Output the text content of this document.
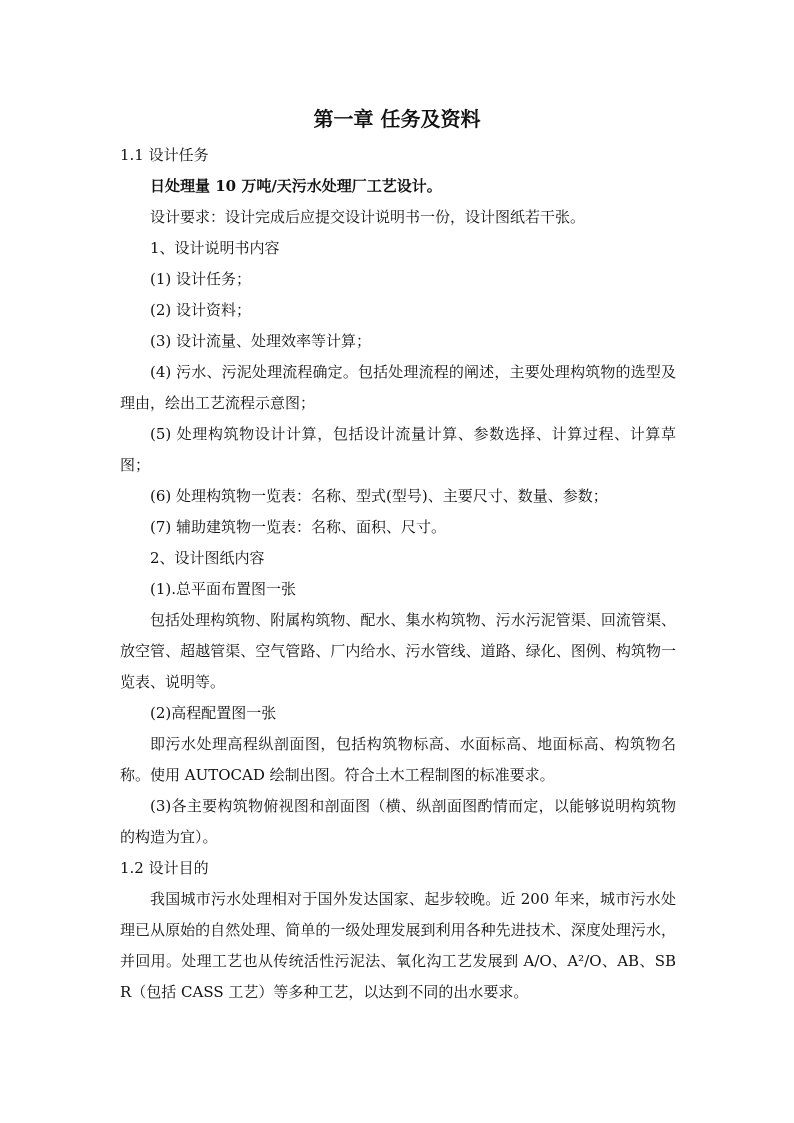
第一章 任务及资料

1.1 设计任务

日处理量 10 万吨/天污水处理厂工艺设计。

设计要求：设计完成后应提交设计说明书一份，设计图纸若干张。

1、设计说明书内容

(1) 设计任务；

(2) 设计资料；

(3) 设计流量、处理效率等计算；

(4) 污水、污泥处理流程确定。包括处理流程的阐述，主要处理构筑物的选型及理由，绘出工艺流程示意图；

(5) 处理构筑物设计计算，包括设计流量计算、参数选择、计算过程、计算草图；

(6) 处理构筑物一览表：名称、型式(型号)、主要尺寸、数量、参数；

(7) 辅助建筑物一览表：名称、面积、尺寸。

2、设计图纸内容

(1).总平面布置图一张

包括处理构筑物、附属构筑物、配水、集水构筑物、污水污泥管渠、回流管渠、放空管、超越管渠、空气管路、厂内给水、污水管线、道路、绿化、图例、构筑物一览表、说明等。

(2)高程配置图一张

即污水处理高程纵剖面图，包括构筑物标高、水面标高、地面标高、构筑物名称。使用 AUTOCAD 绘制出图。符合土木工程制图的标准要求。

(3)各主要构筑物俯视图和剖面图（横、纵剖面图酌情而定，以能够说明构筑物的构造为宜）。

1.2 设计目的

我国城市污水处理相对于国外发达国家、起步较晚。近 200 年来，城市污水处理已从原始的自然处理、简单的一级处理发展到利用各种先进技术、深度处理污水，并回用。处理工艺也从传统活性污泥法、氧化沟工艺发展到 A/O、A²/O、AB、SBR（包括 CASS 工艺）等多种工艺，以达到不同的出水要求。
